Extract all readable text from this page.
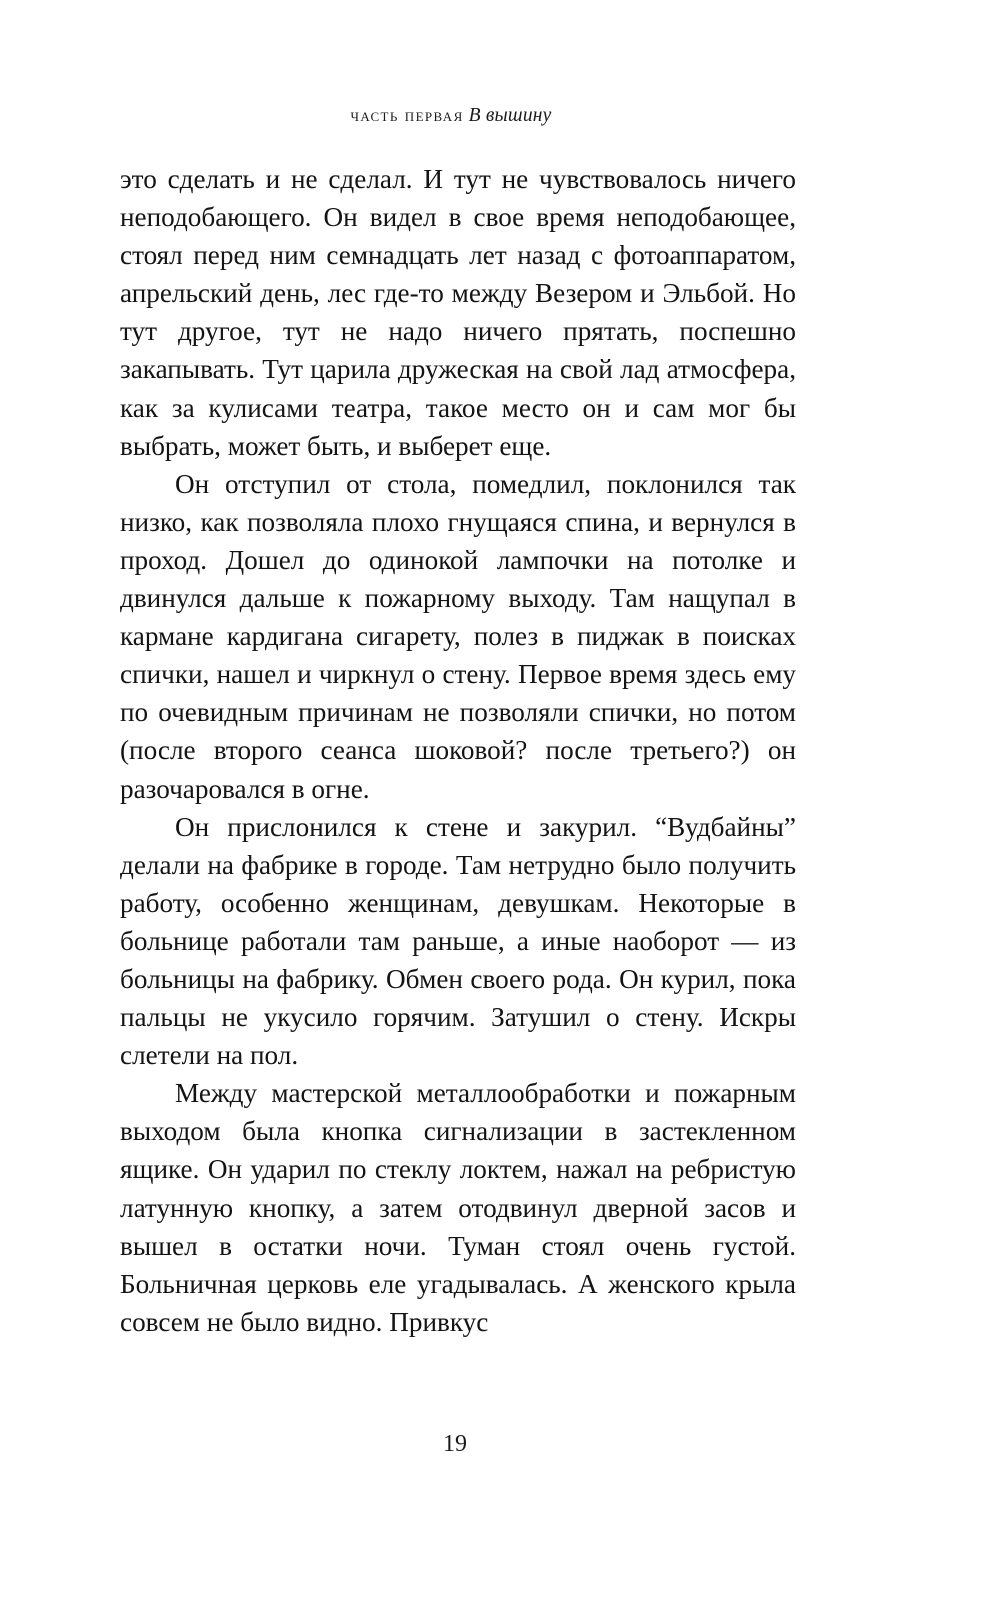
часть первая В вышину

это сделать и не сделал. И тут не чувствовалось ничего неподобающего. Он видел в свое время неподобающее, стоял перед ним семнадцать лет назад с фотоаппаратом, апрельский день, лес где-то между Везером и Эльбой. Но тут другое, тут не надо ничего прятать, поспешно закапывать. Тут царила дружеская на свой лад атмосфера, как за кулисами театра, такое место он и сам мог бы выбрать, может быть, и выберет еще.

Он отступил от стола, помедлил, поклонился так низко, как позволяла плохо гнущаяся спина, и вернулся в проход. Дошел до одинокой лампочки на потолке и двинулся дальше к пожарному выходу. Там нащупал в кармане кардигана сигарету, полез в пиджак в поисках спички, нашел и чиркнул о стену. Первое время здесь ему по очевидным причинам не позволяли спички, но потом (после второго сеанса шоковой? после третьего?) он разочаровался в огне.

Он прислонился к стене и закурил. “Вудбайны” делали на фабрике в городе. Там нетрудно было получить работу, особенно женщинам, девушкам. Некоторые в больнице работали там раньше, а иные наоборот — из больницы на фабрику. Обмен своего рода. Он курил, пока пальцы не укусило горячим. Затушил о стену. Искры слетели на пол.

Между мастерской металлообработки и пожарным выходом была кнопка сигнализации в застекленном ящике. Он ударил по стеклу локтем, нажал на ребристую латунную кнопку, а затем отодвинул дверной засов и вышел в остатки ночи. Туман стоял очень густой. Больничная церковь еле угадывалась. А женского крыла совсем не было видно. Привкус

19
